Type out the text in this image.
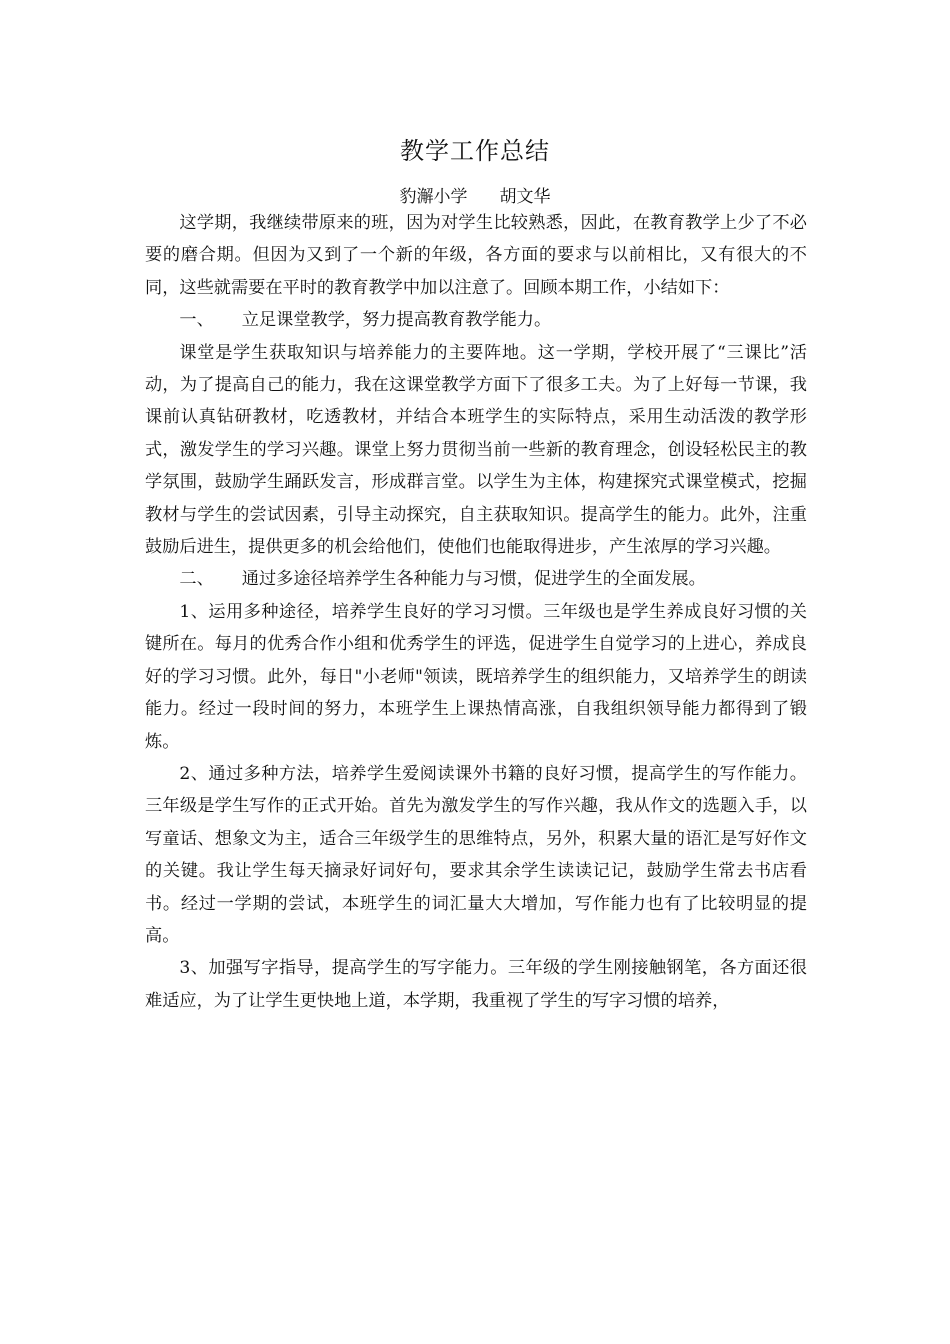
教学工作总结
豹澥小学 胡文华

这学期，我继续带原来的班，因为对学生比较熟悉，因此，在教育教学上少了不必要的磨合期。但因为又到了一个新的年级，各方面的要求与以前相比，又有很大的不同，这些就需要在平时的教育教学中加以注意了。回顾本期工作，小结如下：

一、 立足课堂教学，努力提高教育教学能力。

课堂是学生获取知识与培养能力的主要阵地。这一学期，学校开展了“三课比”活动，为了提高自己的能力，我在这课堂教学方面下了很多工夫。为了上好每一节课，我课前认真钻研教材，吃透教材，并结合本班学生的实际特点，采用生动活泼的教学形式，激发学生的学习兴趣。课堂上努力贯彻当前一些新的教育理念，创设轻松民主的教学氛围，鼓励学生踊跃发言，形成群言堂。以学生为主体，构建探究式课堂模式，挖掘教材与学生的尝试因素，引导主动探究，自主获取知识。提高学生的能力。此外，注重鼓励后进生，提供更多的机会给他们，使他们也能取得进步，产生浓厚的学习兴趣。

二、 通过多途径培养学生各种能力与习惯，促进学生的全面发展。

1、运用多种途径，培养学生良好的学习习惯。三年级也是学生养成良好习惯的关键所在。每月的优秀合作小组和优秀学生的评选，促进学生自觉学习的上进心，养成良好的学习习惯。此外，每日"小老师"领读，既培养学生的组织能力，又培养学生的朗读能力。经过一段时间的努力，本班学生上课热情高涨，自我组织领导能力都得到了锻炼。

2、通过多种方法，培养学生爱阅读课外书籍的良好习惯，提高学生的写作能力。三年级是学生写作的正式开始。首先为激发学生的写作兴趣，我从作文的选题入手，以写童话、想象文为主，适合三年级学生的思维特点，另外，积累大量的语汇是写好作文的关键。我让学生每天摘录好词好句，要求其余学生读读记记，鼓励学生常去书店看书。经过一学期的尝试，本班学生的词汇量大大增加，写作能力也有了比较明显的提高。

3、加强写字指导，提高学生的写字能力。三年级的学生刚接触钢笔，各方面还很难适应，为了让学生更快地上道，本学期，我重视了学生的写字习惯的培养，
